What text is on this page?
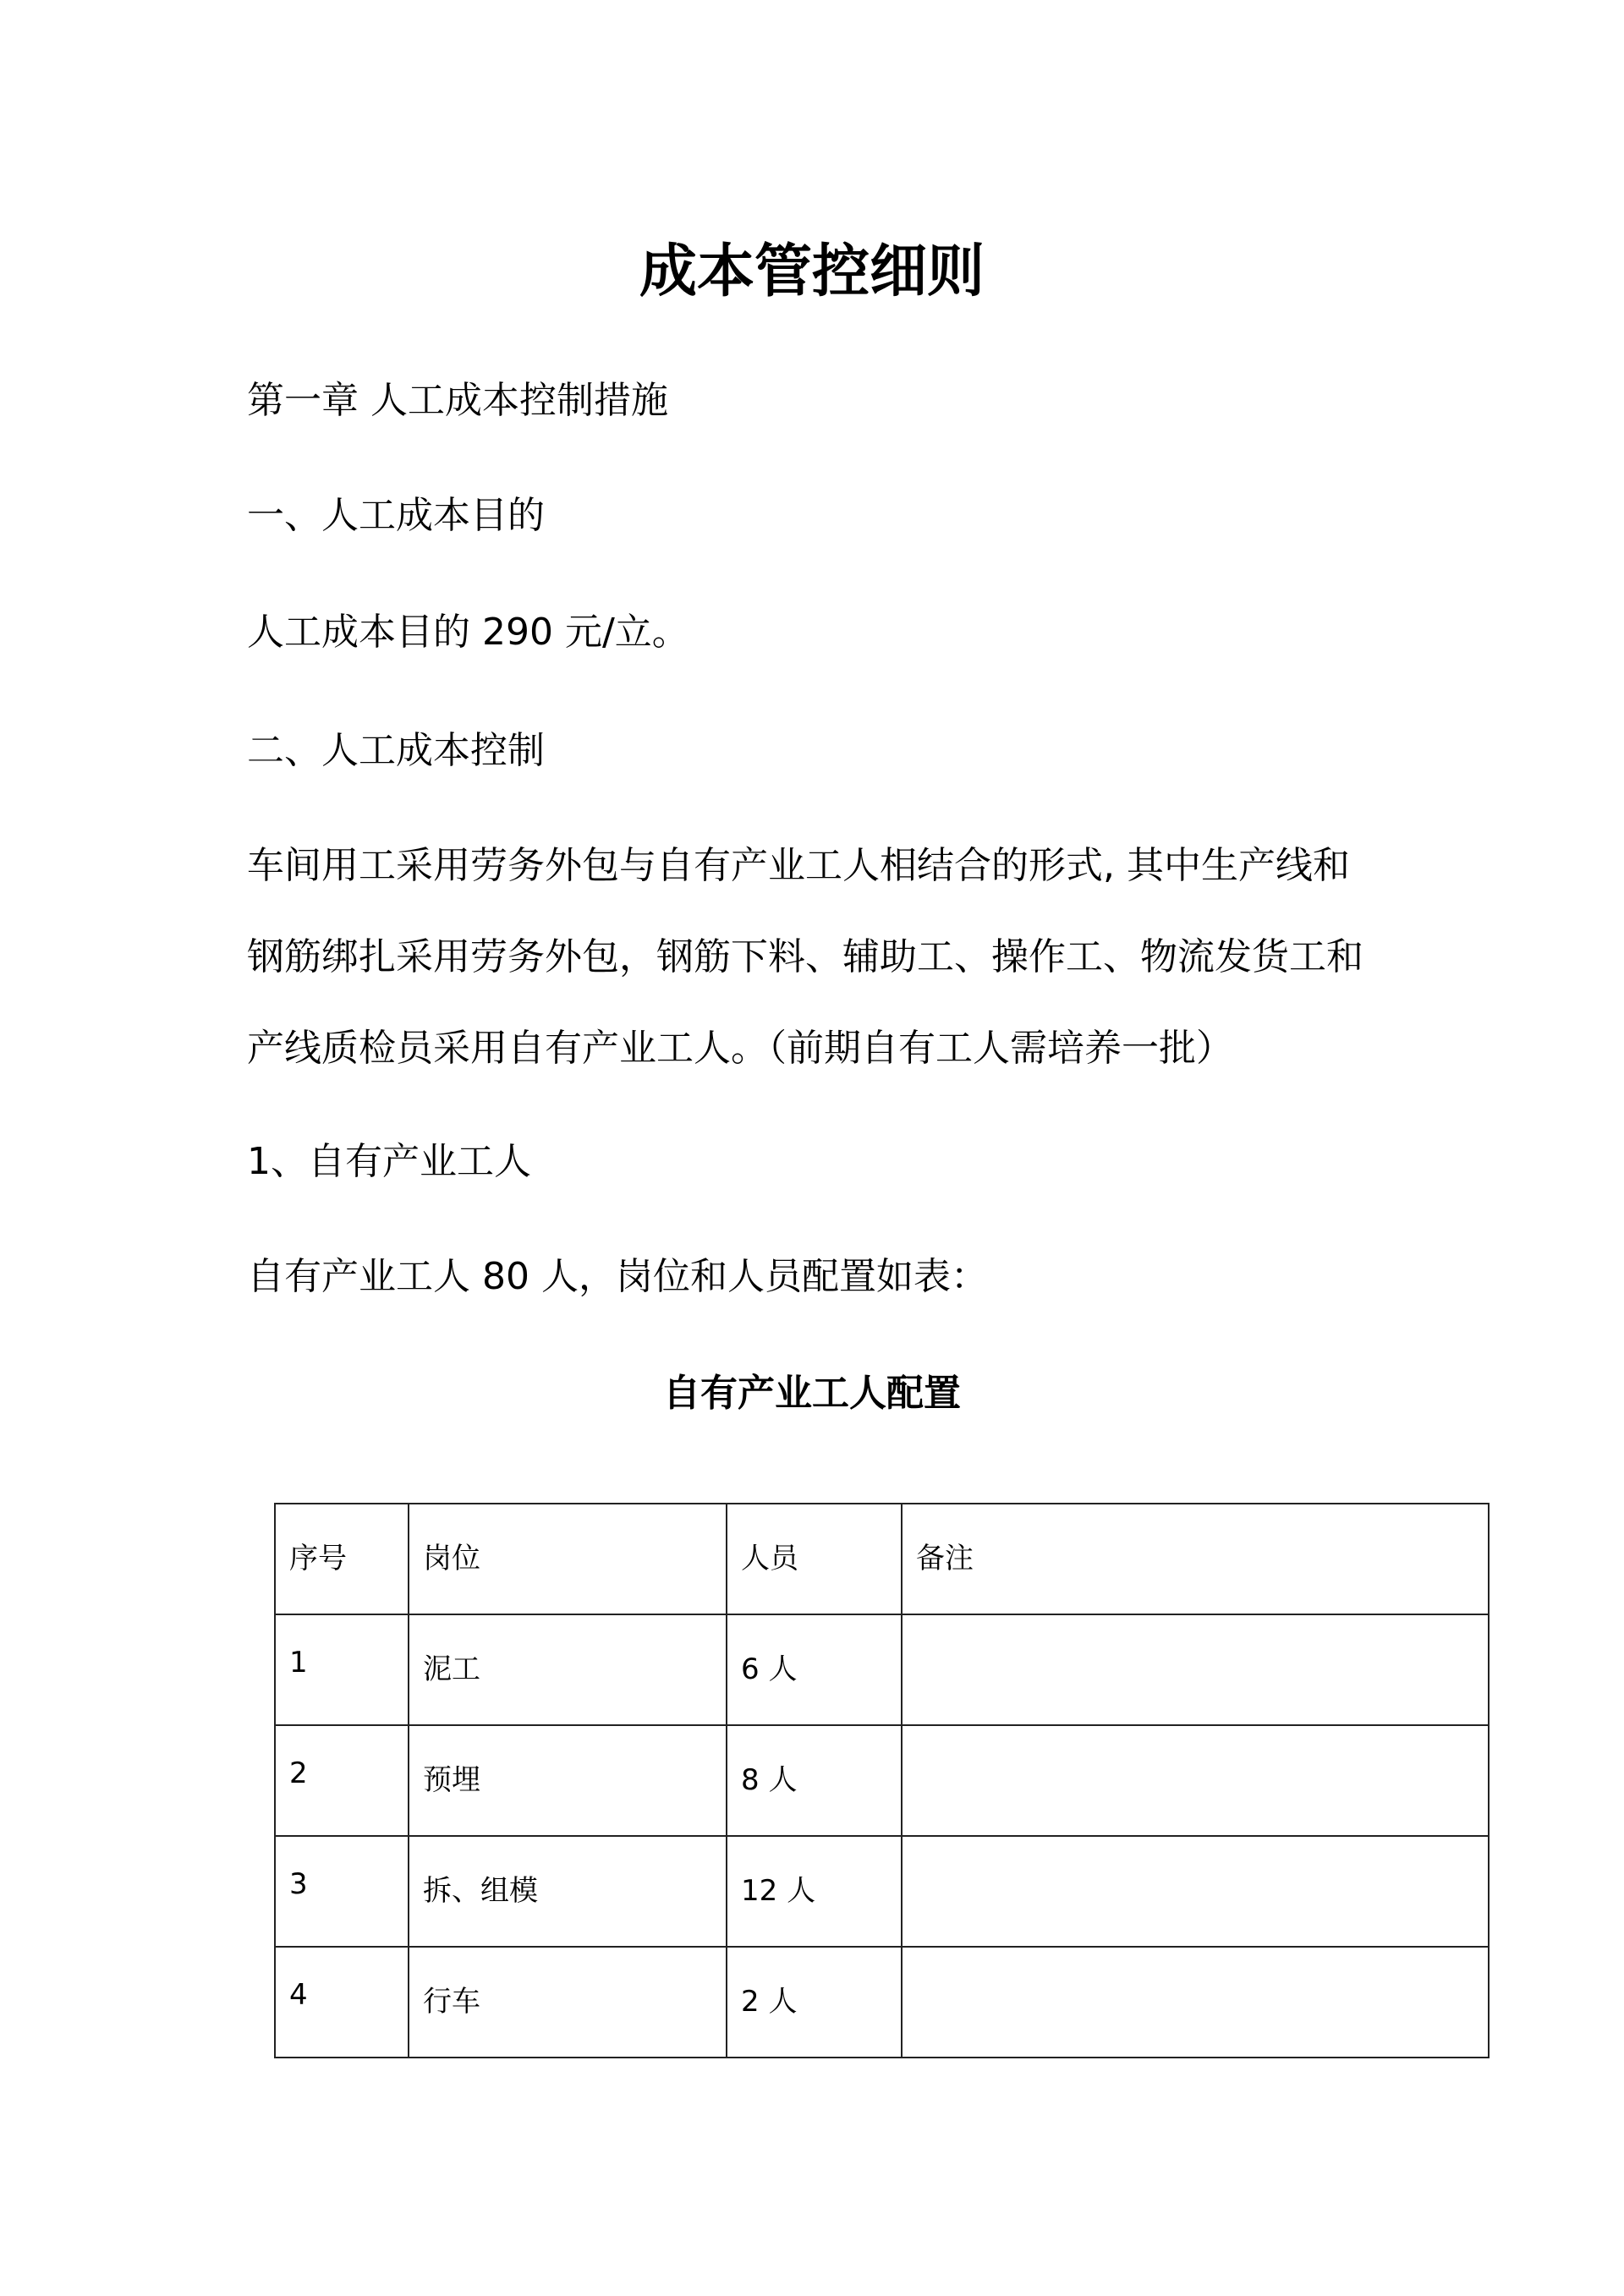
成本管控细则
第一章 人工成本控制措施
一、人工成本目的
人工成本目的 290 元/立。
二、人工成本控制
车间用工采用劳务外包与自有产业工人相结合的形式, 其中生产线和
钢筋绑扎采用劳务外包，钢筋下料、辅助工、操作工、物流发货工和
产线质检员采用自有产业工人。（前期自有工人需培养一批）
1、自有产业工人
自有产业工人 80 人，岗位和人员配置如表：
自有产业工人配置
序号	岗位	人员	备注
1	泥工	6 人	
2	预埋	8 人	
3	拆、组模	12 人	
4	行车	2 人	
